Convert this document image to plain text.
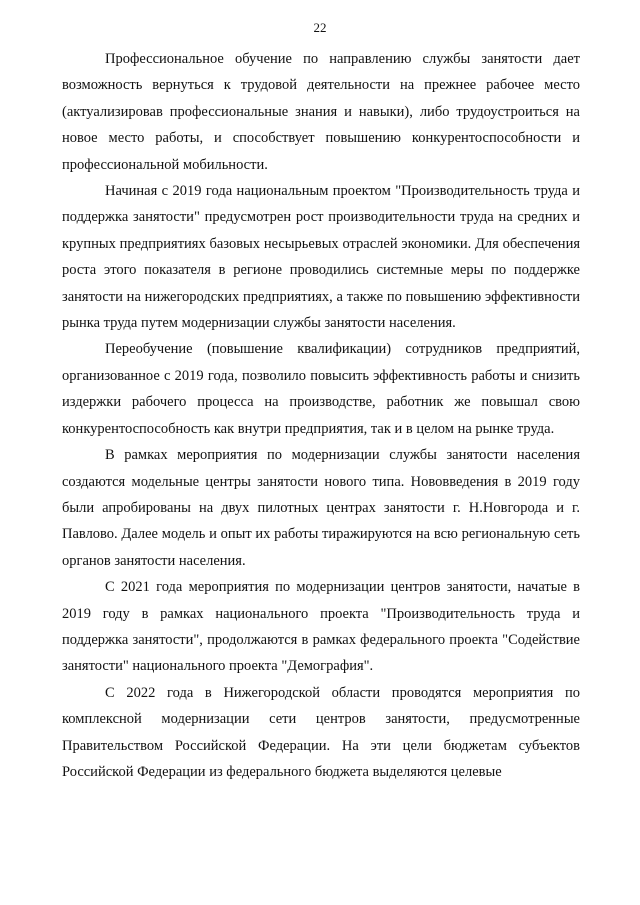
22

Профессиональное обучение по направлению службы занятости дает возможность вернуться к трудовой деятельности на прежнее рабочее место (актуализировав профессиональные знания и навыки), либо трудоустроиться на новое место работы, и способствует повышению конкурентоспособности и профессиональной мобильности.

Начиная с 2019 года национальным проектом "Производительность труда и поддержка занятости" предусмотрен рост производительности труда на средних и крупных предприятиях базовых несырьевых отраслей экономики. Для обеспечения роста этого показателя в регионе проводились системные меры по поддержке занятости на нижегородских предприятиях, а также по повышению эффективности рынка труда путем модернизации службы занятости населения.

Переобучение (повышение квалификации) сотрудников предприятий, организованное с 2019 года, позволило повысить эффективность работы и снизить издержки рабочего процесса на производстве, работник же повышал свою конкурентоспособность как внутри предприятия, так и в целом на рынке труда.

В рамках мероприятия по модернизации службы занятости населения создаются модельные центры занятости нового типа. Нововведения в 2019 году были апробированы на двух пилотных центрах занятости г. Н.Новгорода и г. Павлово. Далее модель и опыт их работы тиражируются на всю региональную сеть органов занятости населения.

С 2021 года мероприятия по модернизации центров занятости, начатые в 2019 году в рамках национального проекта "Производительность труда и поддержка занятости", продолжаются в рамках федерального проекта "Содействие занятости" национального проекта "Демография".

С 2022 года в Нижегородской области проводятся мероприятия по комплексной модернизации сети центров занятости, предусмотренные Правительством Российской Федерации. На эти цели бюджетам субъектов Российской Федерации из федерального бюджета выделяются целевые
